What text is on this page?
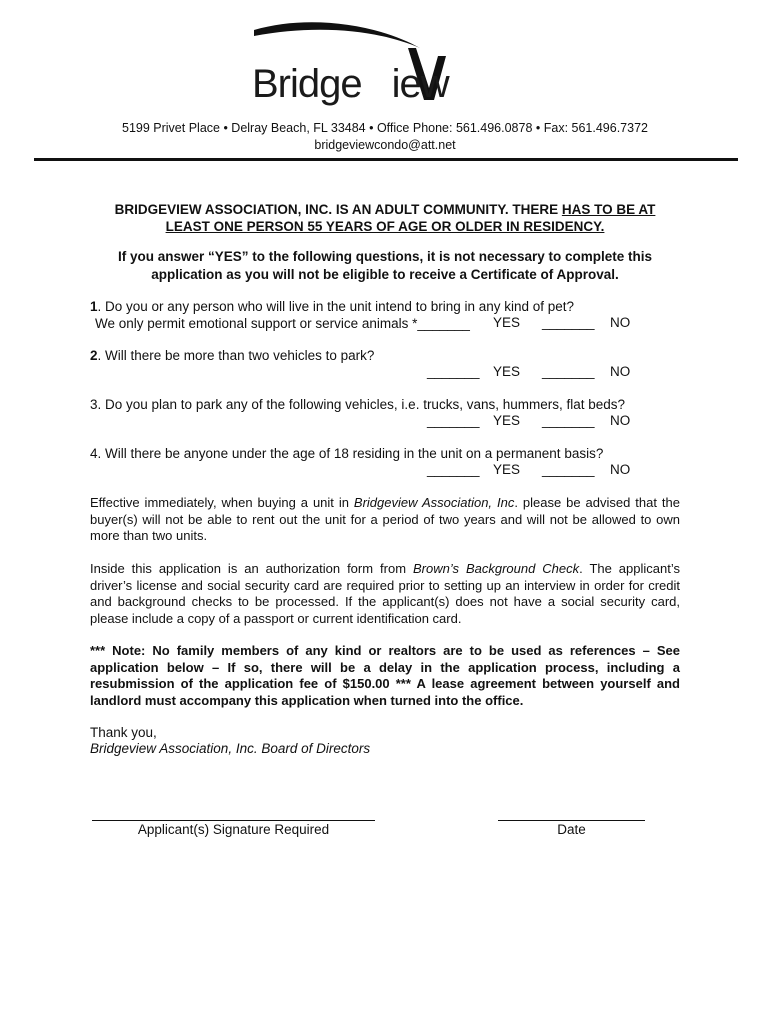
Bridge iew
5199 Privet Place • Delray Beach, FL 33484 • Office Phone: 561.496.0878 • Fax: 561.496.7372
bridgeviewcondo@att.net
BRIDGEVIEW ASSOCIATION, INC. IS AN ADULT COMMUNITY. THERE HAS TO BE AT
LEAST ONE PERSON 55 YEARS OF AGE OR OLDER IN RESIDENCY.
If you answer “YES” to the following questions, it is not necessary to complete this
application as you will not be eligible to receive a Certificate of Approval.
1. Do you or any person who will live in the unit intend to bring in any kind of pet?
We only permit emotional support or service animals *_______ YES _______ NO
2. Will there be more than two vehicles to park?
_______ YES _______ NO
3. Do you plan to park any of the following vehicles, i.e. trucks, vans, hummers, flat beds?
_______ YES _______ NO
4. Will there be anyone under the age of 18 residing in the unit on a permanent basis?
_______ YES _______ NO
Effective immediately, when buying a unit in Bridgeview Association, Inc. please be advised that the buyer(s) will not be able to rent out the unit for a period of two years and will not be allowed to own more than two units.
Inside this application is an authorization form from Brown’s Background Check. The applicant’s driver’s license and social security card are required prior to setting up an interview in order for credit and background checks to be processed. If the applicant(s) does not have a social security card, please include a copy of a passport or current identification card.
*** Note: No family members of any kind or realtors are to be used as references – See application below – If so, there will be a delay in the application process, including a resubmission of the application fee of $150.00 *** A lease agreement between yourself and landlord must accompany this application when turned into the office.
Thank you,
Bridgeview Association, Inc. Board of Directors
Applicant(s) Signature Required	Date
